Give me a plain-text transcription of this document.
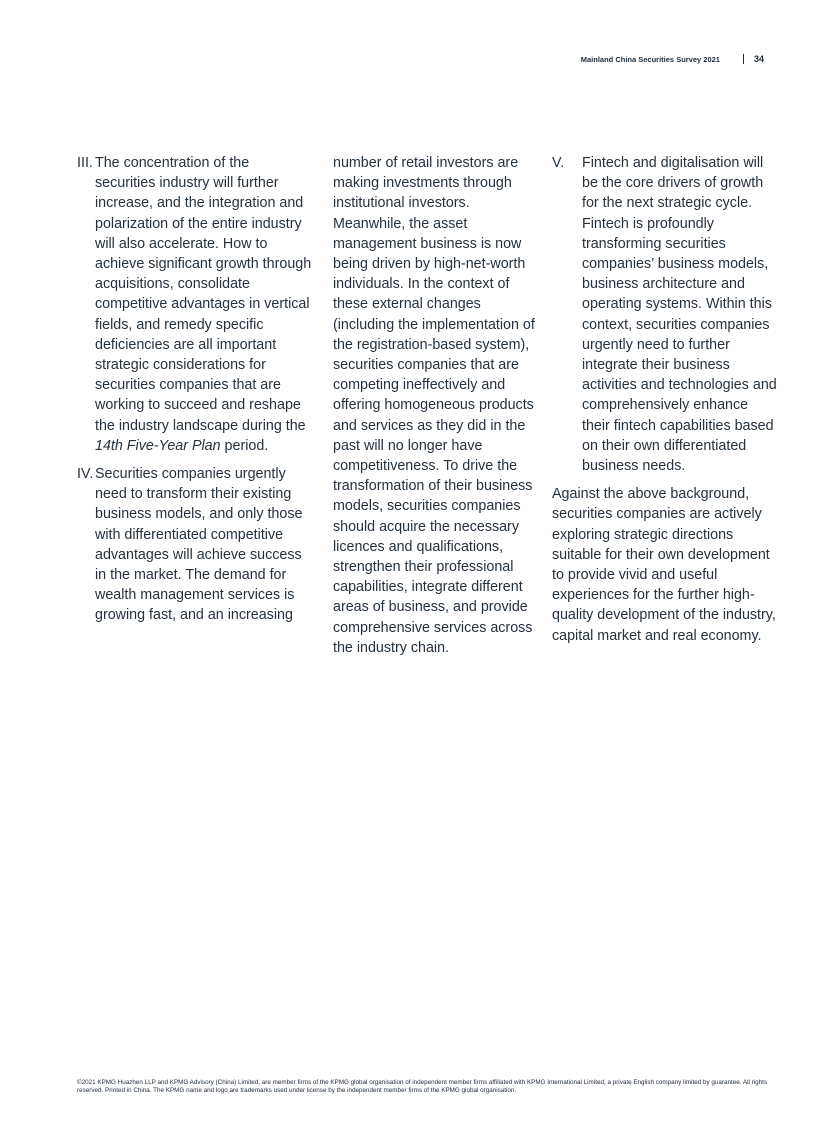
Mainland China Securities Survey 2021	34
III. The concentration of the securities industry will further increase, and the integration and polarization of the entire industry will also accelerate. How to achieve significant growth through acquisitions, consolidate competitive advantages in vertical fields, and remedy specific deficiencies are all important strategic considerations for securities companies that are working to succeed and reshape the industry landscape during the 14th Five-Year Plan period.

IV. Securities companies urgently need to transform their existing business models, and only those with differentiated competitive advantages will achieve success in the market. The demand for wealth management services is growing fast, and an increasing

number of retail investors are making investments through institutional investors. Meanwhile, the asset management business is now being driven by high-net-worth individuals. In the context of these external changes (including the implementation of the registration-based system), securities companies that are competing ineffectively and offering homogeneous products and services as they did in the past will no longer have competitiveness. To drive the transformation of their business models, securities companies should acquire the necessary licences and qualifications, strengthen their professional capabilities, integrate different areas of business, and provide comprehensive services across the industry chain.

V. Fintech and digitalisation will be the core drivers of growth for the next strategic cycle. Fintech is profoundly transforming securities companies’ business models, business architecture and operating systems. Within this context, securities companies urgently need to further integrate their business activities and technologies and comprehensively enhance their fintech capabilities based on their own differentiated business needs.

Against the above background, securities companies are actively exploring strategic directions suitable for their own development to provide vivid and useful experiences for the further high-quality development of the industry, capital market and real economy.

©2021 KPMG Huazhen LLP and KPMG Advisory (China) Limited, are member firms of the KPMG global organisation of independent member firms affiliated with KPMG International Limited, a private English company limited by guarantee. All rights reserved. Printed in China. The KPMG name and logo are trademarks used under license by the independent member firms of the KPMG global organisation.
